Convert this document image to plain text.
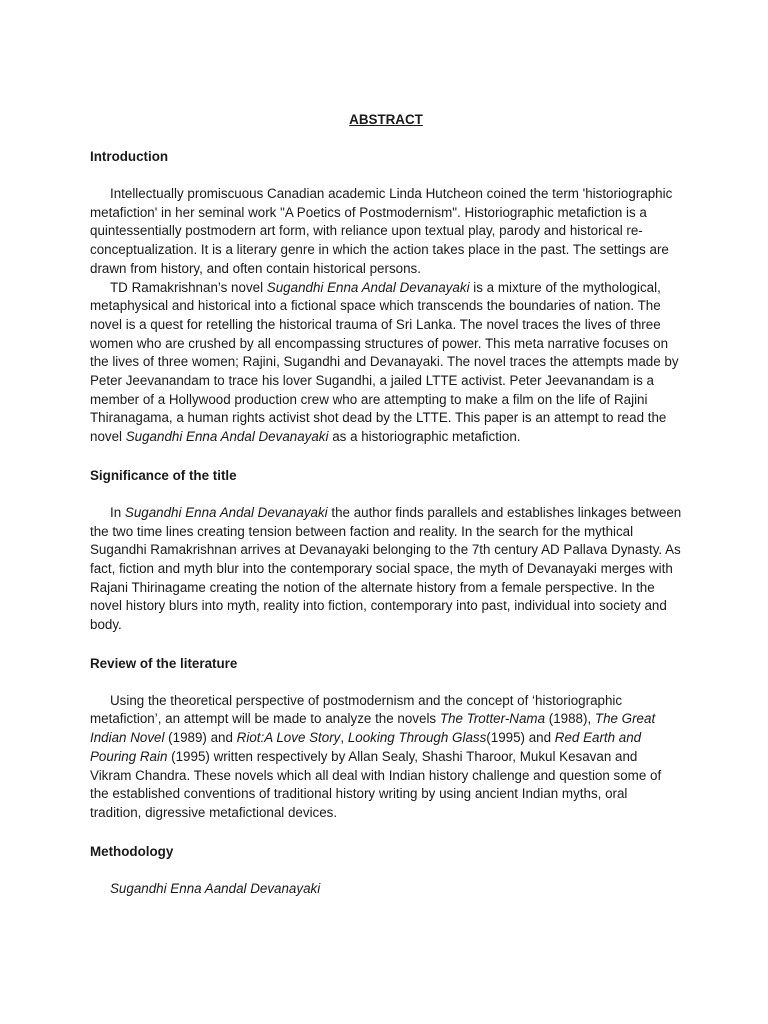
ABSTRACT
Introduction

Intellectually promiscuous Canadian academic Linda Hutcheon coined the term 'historiographic metafiction' in her seminal work "A Poetics of Postmodernism". Historiographic metafiction is a quintessentially postmodern art form, with reliance upon textual play, parody and historical re-conceptualization. It is a literary genre in which the action takes place in the past. The settings are drawn from history, and often contain historical persons.

TD Ramakrishnan’s novel Sugandhi Enna Andal Devanayaki is a mixture of the mythological, metaphysical and historical into a fictional space which transcends the boundaries of nation. The novel is a quest for retelling the historical trauma of Sri Lanka. The novel traces the lives of three women who are crushed by all encompassing structures of power. This meta narrative focuses on the lives of three women; Rajini, Sugandhi and Devanayaki. The novel traces the attempts made by Peter Jeevanandam to trace his lover Sugandhi, a jailed LTTE activist. Peter Jeevanandam is a member of a Hollywood production crew who are attempting to make a film on the life of Rajini Thiranagama, a human rights activist shot dead by the LTTE. This paper is an attempt to read the novel Sugandhi Enna Andal Devanayaki as a historiographic metafiction.

Significance of the title

In Sugandhi Enna Andal Devanayaki the author finds parallels and establishes linkages between the two time lines creating tension between faction and reality. In the search for the mythical Sugandhi Ramakrishnan arrives at Devanayaki belonging to the 7th century AD Pallava Dynasty. As fact, fiction and myth blur into the contemporary social space, the myth of Devanayaki merges with Rajani Thirinagame creating the notion of the alternate history from a female perspective. In the novel history blurs into myth, reality into fiction, contemporary into past, individual into society and body.

Review of the literature

Using the theoretical perspective of postmodernism and the concept of ‘historiographic metafiction’, an attempt will be made to analyze the novels The Trotter-Nama (1988), The Great Indian Novel (1989) and Riot:A Love Story, Looking Through Glass(1995) and Red Earth and Pouring Rain (1995) written respectively by Allan Sealy, Shashi Tharoor, Mukul Kesavan and Vikram Chandra. These novels which all deal with Indian history challenge and question some of the established conventions of traditional history writing by using ancient Indian myths, oral tradition, digressive metafictional devices.

Methodology

Sugandhi Enna Aandal Devanayaki
